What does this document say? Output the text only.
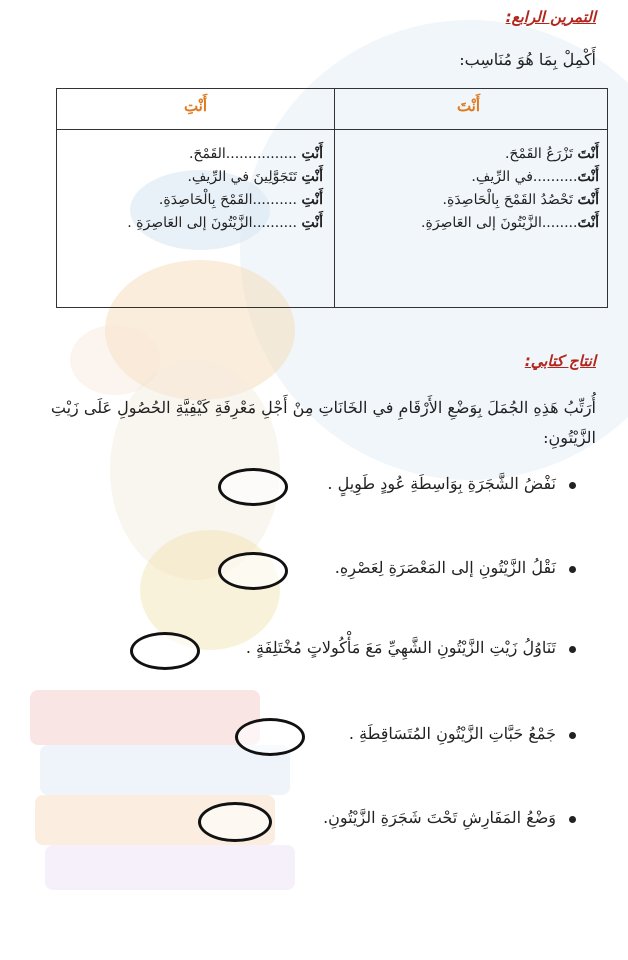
التمرين الرابع:
أَكْمِلْ بِمَا هُوَ مُنَاسِب:
أَنْتَ
أَنْتِ
أَنْتَ تَزْرَعُ القَمْحَ.
أَنْتَ..........في الرِّيفِ.
أَنْتَ تَحْصُدُ القَمْحَ بِالْحَاصِدَةِ.
أَنْتَ........الزَّيْتُونَ إلى العَاصِرَةِ.
أَنْتِ ................القَمْحَ.
أَنْتِ تَتَجَوَّلِينَ في الرِّيفِ.
أَنْتِ ..........القَمْحَ بِالْحَاصِدَةِ.
أَنْتِ ..........الزَّيْتُونَ إلى العَاصِرَةِ .
انتاج كتابي:
أُرَتِّبُ هَذِهِ الجُمَلَ بِوَضْعِ الأَرْقَامِ في الخَانَاتِ مِنْ أَجْلِ مَعْرِفَةِ كَيْفِيَّةِ الحُصُولِ عَلَى زَيْتِ الزَّيْتُونِ:
نَفْضُ الشَّجَرَةِ بِوَاسِطَةِ عُودٍ طَوِيلٍ .
نَقْلُ الزَّيْتُونِ إلى المَعْصَرَةِ لِعَصْرِهِ.
تَنَاوُلُ زَيْتِ الزَّيْتُونِ الشَّهِيِّ مَعَ مَأْكُولاتٍ مُخْتَلِفَةٍ .
جَمْعُ حَبَّاتِ الزَّيْتُونِ المُتَسَاقِطَةِ .
وَضْعُ المَفَارِشِ تَحْتَ شَجَرَةِ الزَّيْتُونِ.
